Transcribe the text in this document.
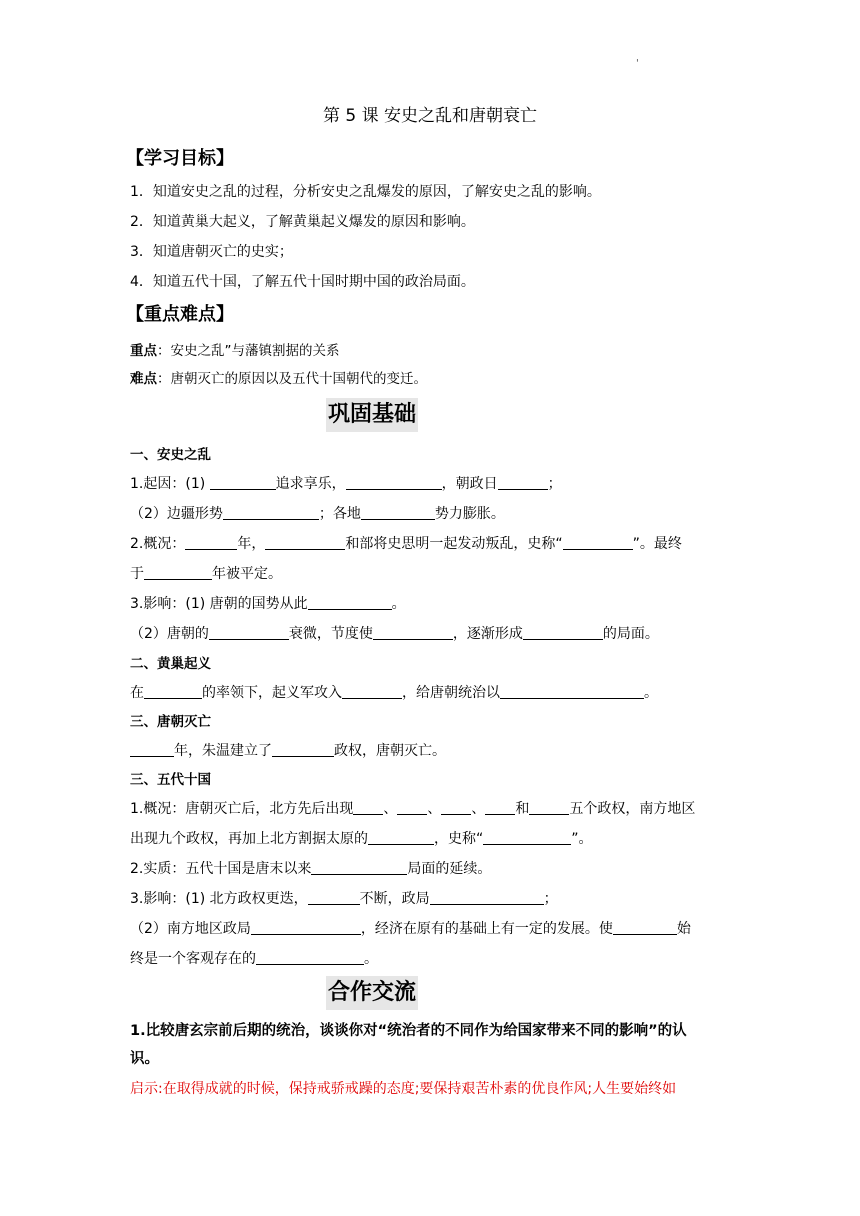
'
第 5 课 安史之乱和唐朝衰亡
【学习目标】
1．知道安史之乱的过程，分析安史之乱爆发的原因，了解安史之乱的影响。
2．知道黄巢大起义，了解黄巢起义爆发的原因和影响。
3．知道唐朝灭亡的史实；
4．知道五代十国，了解五代十国时期中国的政治局面。
【重点难点】
重点：安史之乱”与藩镇割据的关系
难点：唐朝灭亡的原因以及五代十国朝代的变迁。
巩固基础
一、安史之乱
1.起因：(1)	追求享乐，	，朝政日	；
（2）边疆形势	；各地	势力膨胀。
2.概况：	年，	和部将史思明一起发动叛乱，史称“	”。最终
于	年被平定。
3.影响：(1) 唐朝的国势从此	。
（2）唐朝的	衰微，节度使	，逐渐形成	的局面。
二、黄巢起义
在	的率领下，起义军攻入	，给唐朝统治以	。
三、唐朝灭亡
年，朱温建立了	政权，唐朝灭亡。
三、五代十国
1.概况：唐朝灭亡后，北方先后出现 、 、 、 和	五个政权，南方地区
出现九个政权，再加上北方割据太原的	，史称“	”。
2.实质：五代十国是唐末以来	局面的延续。
3.影响：(1) 北方政权更迭，	不断，政局	；
（2）南方地区政局	，经济在原有的基础上有一定的发展。使	始
终是一个客观存在的	。
合作交流
1.比较唐玄宗前后期的统治，谈谈你对“统治者的不同作为给国家带来不同的影响”的认
识。
启示:在取得成就的时候，保持戒骄戒躁的态度;要保持艰苦朴素的优良作风;人生要始终如
